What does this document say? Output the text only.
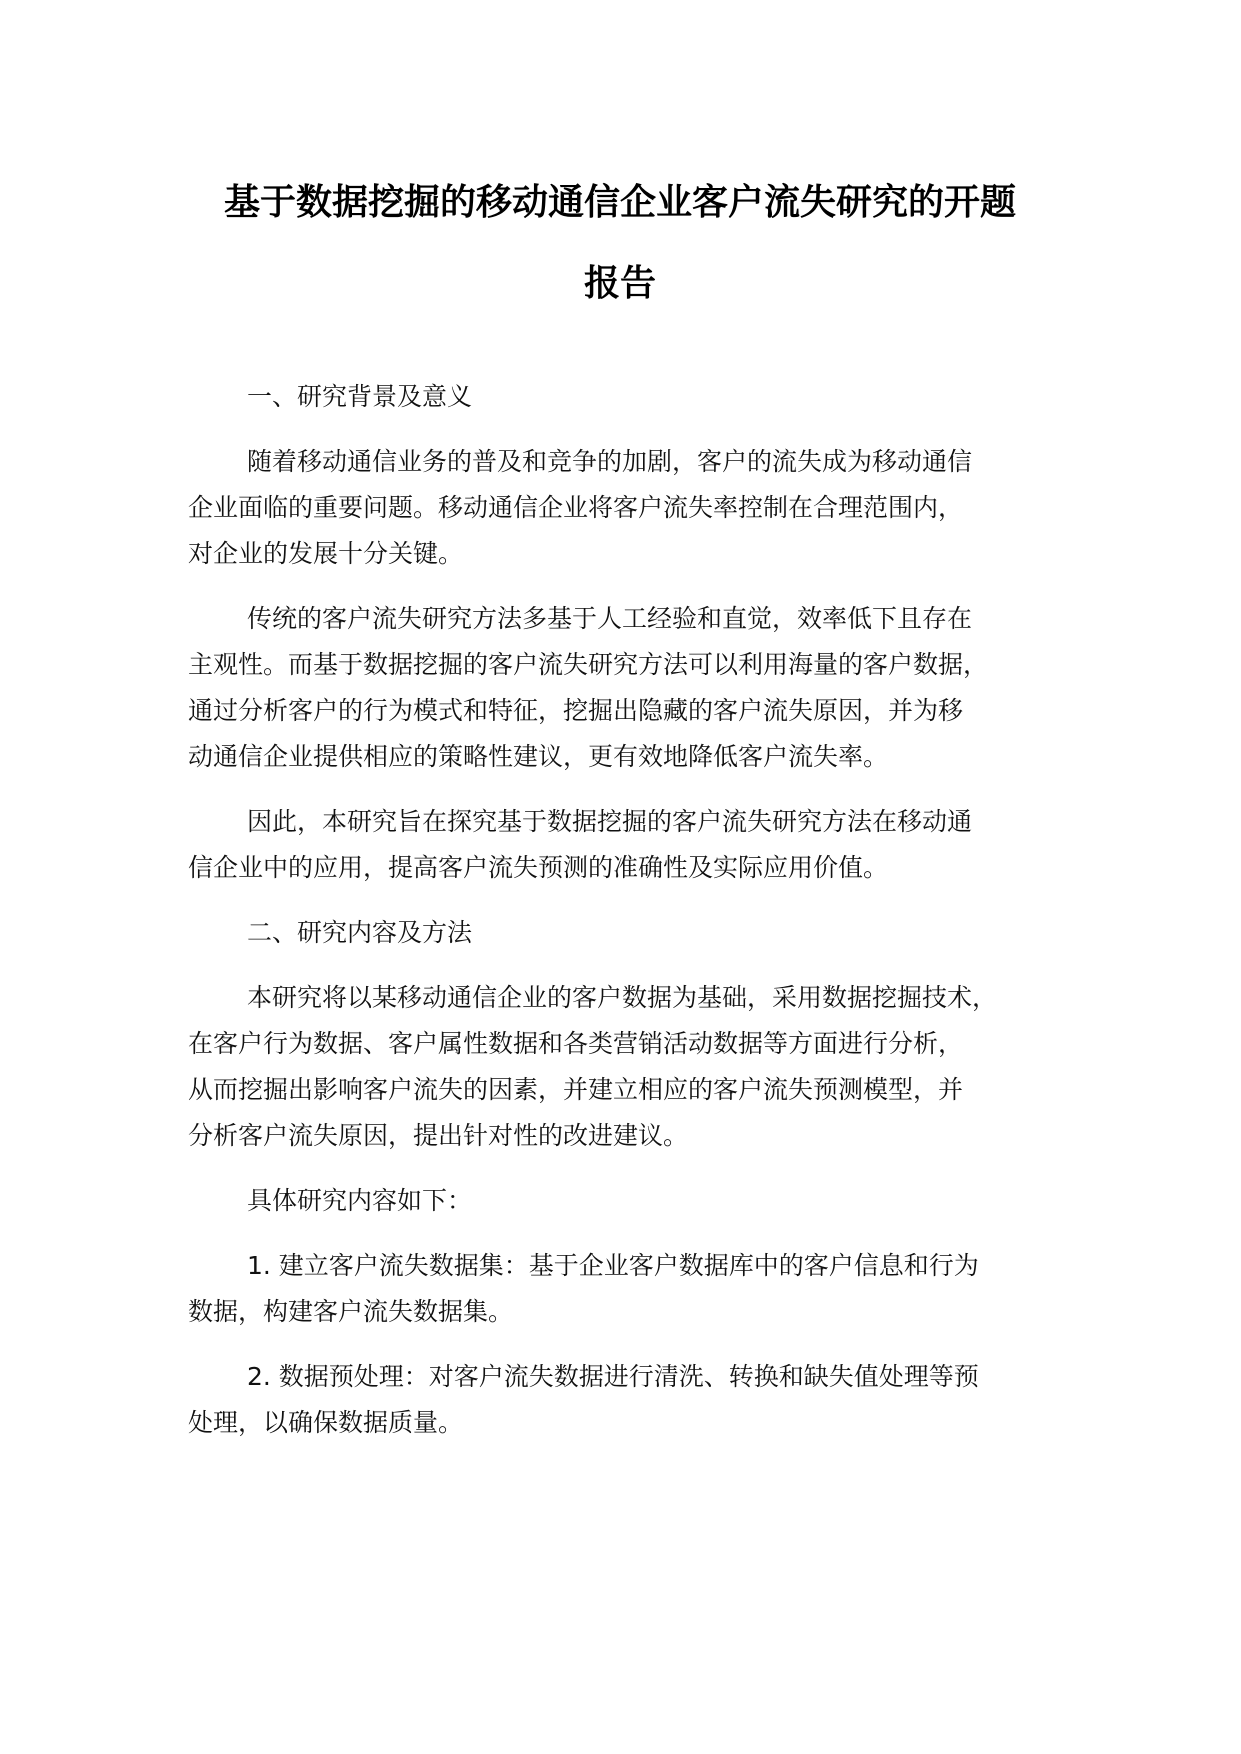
基于数据挖掘的移动通信企业客户流失研究的开题
报告
一、研究背景及意义
随着移动通信业务的普及和竞争的加剧，客户的流失成为移动通信
企业面临的重要问题。移动通信企业将客户流失率控制在合理范围内，
对企业的发展十分关键。
传统的客户流失研究方法多基于人工经验和直觉，效率低下且存在
主观性。而基于数据挖掘的客户流失研究方法可以利用海量的客户数据，
通过分析客户的行为模式和特征，挖掘出隐藏的客户流失原因，并为移
动通信企业提供相应的策略性建议，更有效地降低客户流失率。
因此，本研究旨在探究基于数据挖掘的客户流失研究方法在移动通
信企业中的应用，提高客户流失预测的准确性及实际应用价值。
二、研究内容及方法
本研究将以某移动通信企业的客户数据为基础，采用数据挖掘技术，
在客户行为数据、客户属性数据和各类营销活动数据等方面进行分析，
从而挖掘出影响客户流失的因素，并建立相应的客户流失预测模型，并
分析客户流失原因，提出针对性的改进建议。
具体研究内容如下：
1. 建立客户流失数据集：基于企业客户数据库中的客户信息和行为
数据，构建客户流失数据集。
2. 数据预处理：对客户流失数据进行清洗、转换和缺失值处理等预
处理，以确保数据质量。
